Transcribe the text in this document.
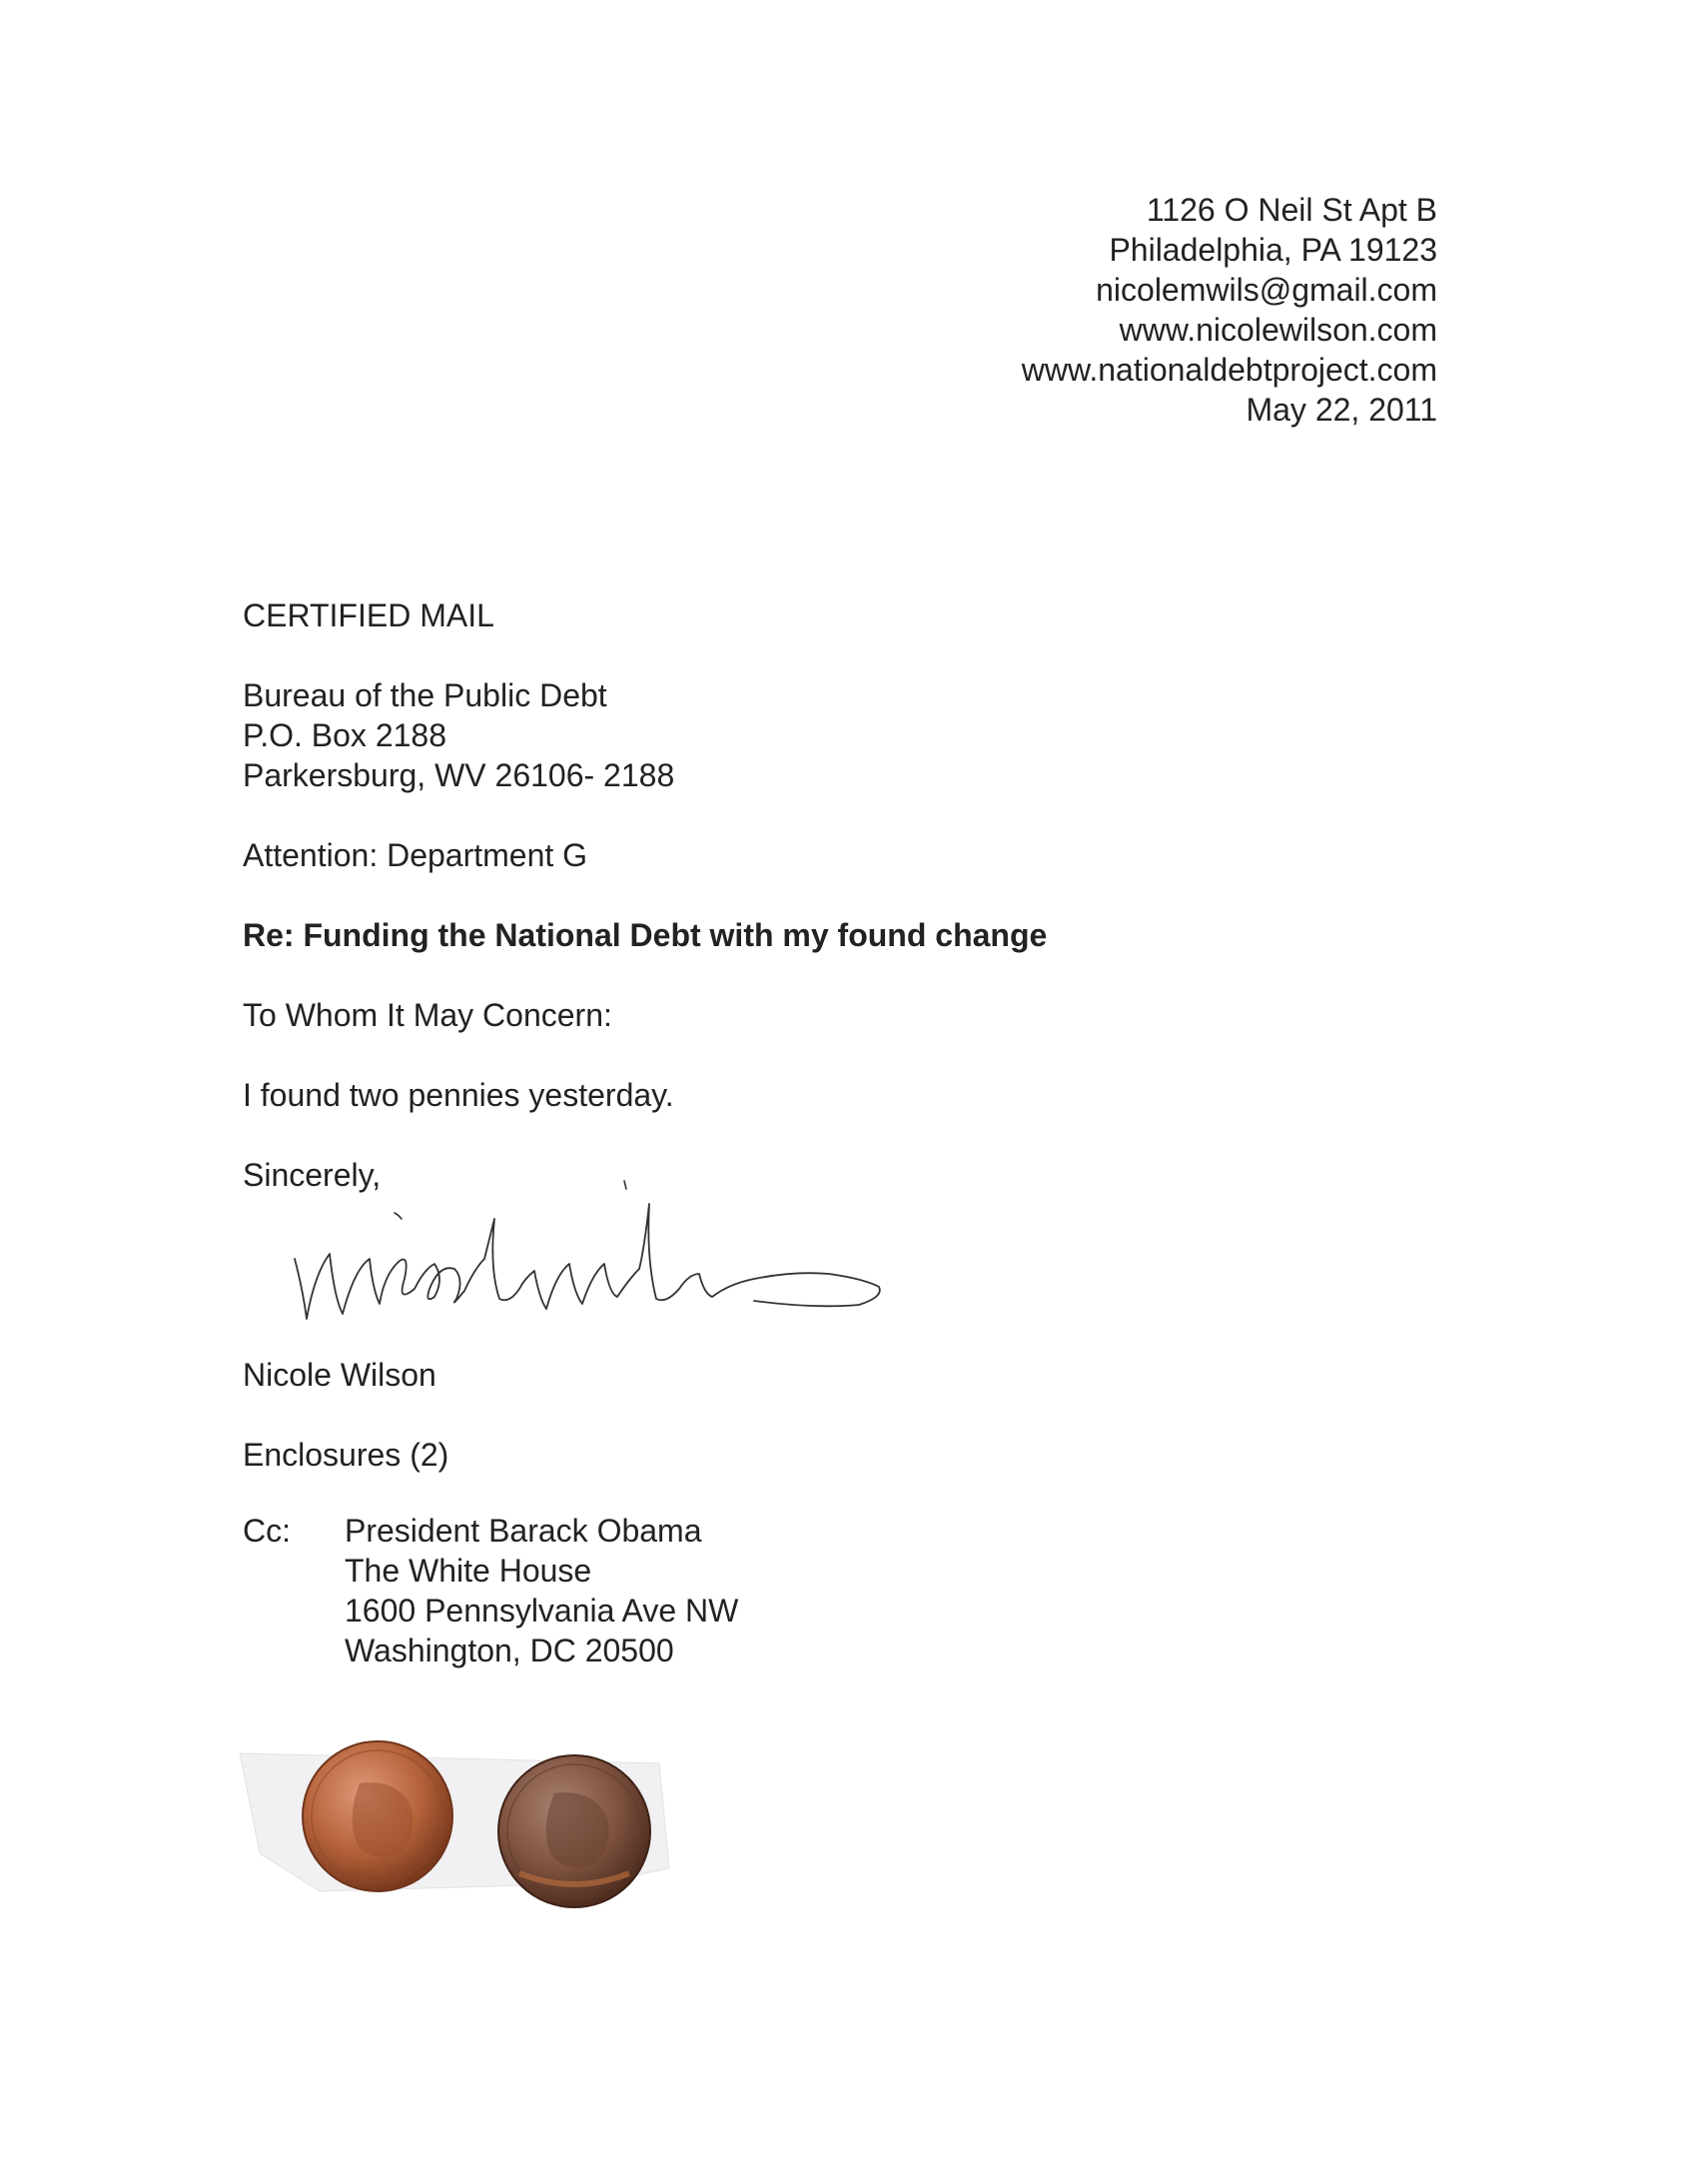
1126 O Neil St Apt B
Philadelphia, PA 19123
nicolemwils@gmail.com
www.nicolewilson.com
www.nationaldebtproject.com
May 22, 2011
CERTIFIED MAIL
Bureau of the Public Debt
P.O. Box 2188
Parkersburg, WV 26106- 2188
Attention: Department G
Re: Funding the National Debt with my found change
To Whom It May Concern:
I found two pennies yesterday.
Sincerely,
Nicole Wilson
Enclosures (2)
Cc: President Barack Obama
The White House
1600 Pennsylvania Ave NW
Washington, DC 20500
